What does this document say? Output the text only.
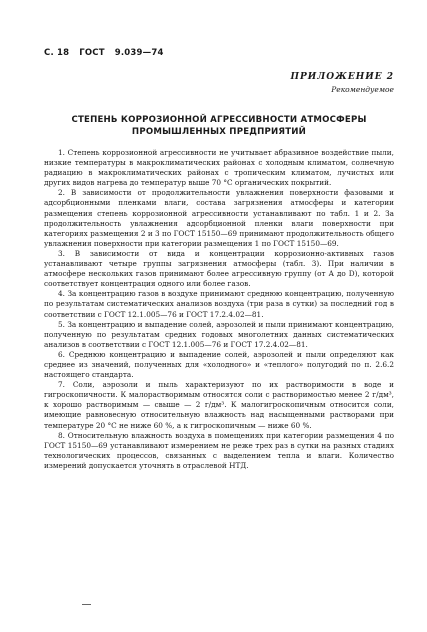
С. 18 ГОСТ 9.039—74
ПРИЛОЖЕНИЕ 2
Рекомендуемое
СТЕПЕНЬ КОРРОЗИОННОЙ АГРЕССИВНОСТИ АТМОСФЕРЫ
ПРОМЫШЛЕННЫХ ПРЕДПРИЯТИЙ

1. Степень коррозионной агрессивности не учитывает абразивное воздействие пыли, низкие температуры в макроклиматических районах с холодным климатом, солнечную радиацию в макроклиматических районах с тропическим климатом, лучистых или других видов нагрева до температур выше 70 °С органических покрытий.

2. В зависимости от продолжительности увлажнения поверхности фазовыми и адсорбционными пленками влаги, состава загрязнения атмосферы и категории размещения степень коррозионной агрессивности устанавливают по табл. 1 и 2. За продолжительность увлажнения адсорбционной пленки влаги поверхности при категориях размещения 2 и 3 по ГОСТ 15150—69 принимают продолжительность общего увлажнения поверхности при категории размещения 1 по ГОСТ 15150—69.

3. В зависимости от вида и концентрации коррозионно-активных газов устанавливают четыре группы загрязнения атмосферы (табл. 3). При наличии в атмосфере нескольких газов принимают более агрессивную группу (от А до D), которой соответствует концентрация одного или более газов.

4. За концентрацию газов в воздухе принимают среднюю концентрацию, полученную по результатам систематических анализов воздуха (три раза в сутки) за последний год в соответствии с ГОСТ 12.1.005—76 и ГОСТ 17.2.4.02—81.

5. За концентрацию и выпадение солей, аэрозолей и пыли принимают концентрацию, полученную по результатам средних годовых многолетних данных систематических анализов в соответствии с ГОСТ 12.1.005—76 и ГОСТ 17.2.4.02—81.

6. Среднюю концентрацию и выпадение солей, аэрозолей и пыли определяют как среднее из значений, полученных для «холодного» и «теплого» полугодий по п. 2.6.2 настоящего стандарта.

7. Соли, аэрозоли и пыль характеризуют по их растворимости в воде и гигроскопичности. К малорастворимым относятся соли с растворимостью менее 2 г/дм³, к хорошо растворимым — свыше — 2 г/дм³. К малогигроскопичным относится соли, имеющие равновесную относительную влажность над насыщенными растворами при температуре 20 °С не ниже 60 %, а к гигроскопичным — ниже 60 %.

8. Относительную влажность воздуха в помещениях при категории размещения 4 по ГОСТ 15150—69 устанавливают измерением не реже трех раз в сутки на разных стадиях технологических процессов, связанных с выделением тепла и влаги. Количество измерений допускается уточнять в отраслевой НТД.
